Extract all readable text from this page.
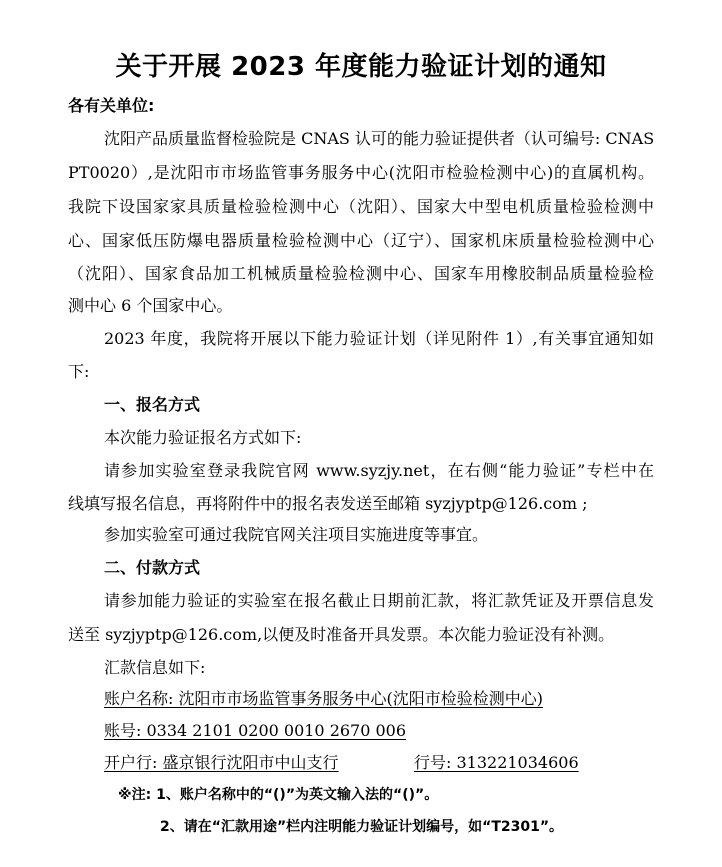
关于开展 2023 年度能力验证计划的通知
各有关单位:
沈阳产品质量监督检验院是 CNAS 认可的能力验证提供者（认可编号: CNAS
PT0020）,是沈阳市市场监管事务服务中心(沈阳市检验检测中心)的直属机构。
我院下设国家家具质量检验检测中心（沈阳）、国家大中型电机质量检验检测中
心、国家低压防爆电器质量检验检测中心（辽宁）、国家机床质量检验检测中心
（沈阳）、国家食品加工机械质量检验检测中心、国家车用橡胶制品质量检验检
测中心 6 个国家中心。
2023 年度，我院将开展以下能力验证计划（详见附件 1）,有关事宜通知如
下:
一、报名方式
本次能力验证报名方式如下:
请参加实验室登录我院官网 www.syzjy.net，在右侧“能力验证”专栏中在
线填写报名信息，再将附件中的报名表发送至邮箱 syzjyptp@126.com ;
参加实验室可通过我院官网关注项目实施进度等事宜。
二、付款方式
请参加能力验证的实验室在报名截止日期前汇款，将汇款凭证及开票信息发
送至 syzjyptp@126.com,以便及时准备开具发票。本次能力验证没有补测。
汇款信息如下:
账户名称: 沈阳市市场监管事务服务中心(沈阳市检验检测中心)
账号: 0334 2101 0200 0010 2670 006
开户行: 盛京银行沈阳市中山支行	行号: 313221034606
※注: 1、账户名称中的“()”为英文输入法的“()”。
2、请在“汇款用途”栏内注明能力验证计划编号，如“T2301”。
